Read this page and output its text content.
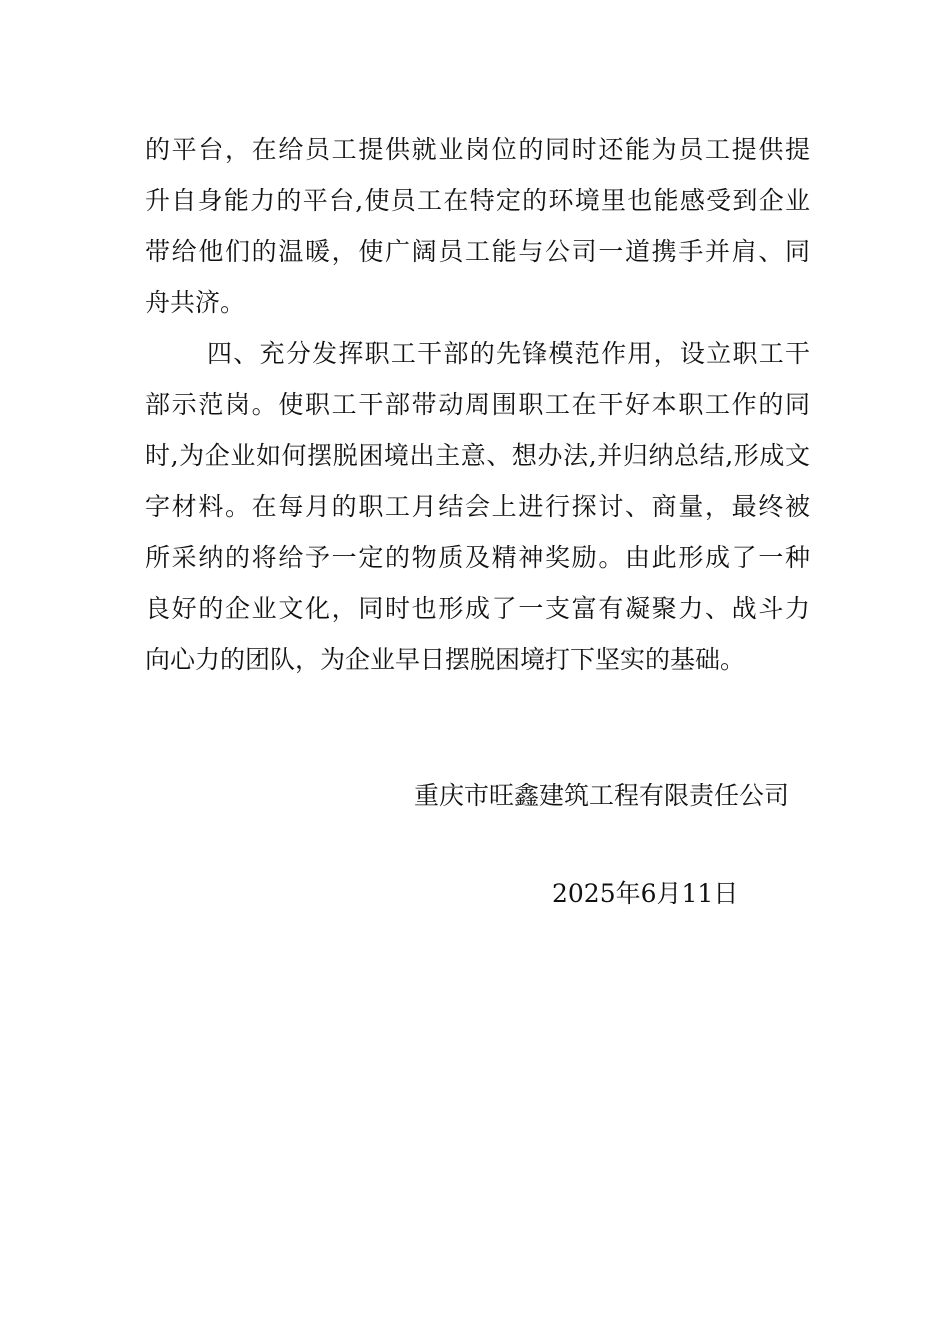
的平台，在给员工提供就业岗位的同时还能为员工提供提
升自身能力的平台,使员工在特定的环境里也能感受到企业
带给他们的温暖，使广阔员工能与公司一道携手并肩、同
舟共济。
四、充分发挥职工干部的先锋模范作用，设立职工干
部示范岗。使职工干部带动周围职工在干好本职工作的同
时,为企业如何摆脱困境出主意、想办法,并归纳总结,形成文
字材料。在每月的职工月结会上进行探讨、商量，最终被
所采纳的将给予一定的物质及精神奖励。由此形成了一种
良好的企业文化，同时也形成了一支富有凝聚力、战斗力
向心力的团队，为企业早日摆脱困境打下坚实的基础。
重庆市旺鑫建筑工程有限责任公司
2025年6月11日
